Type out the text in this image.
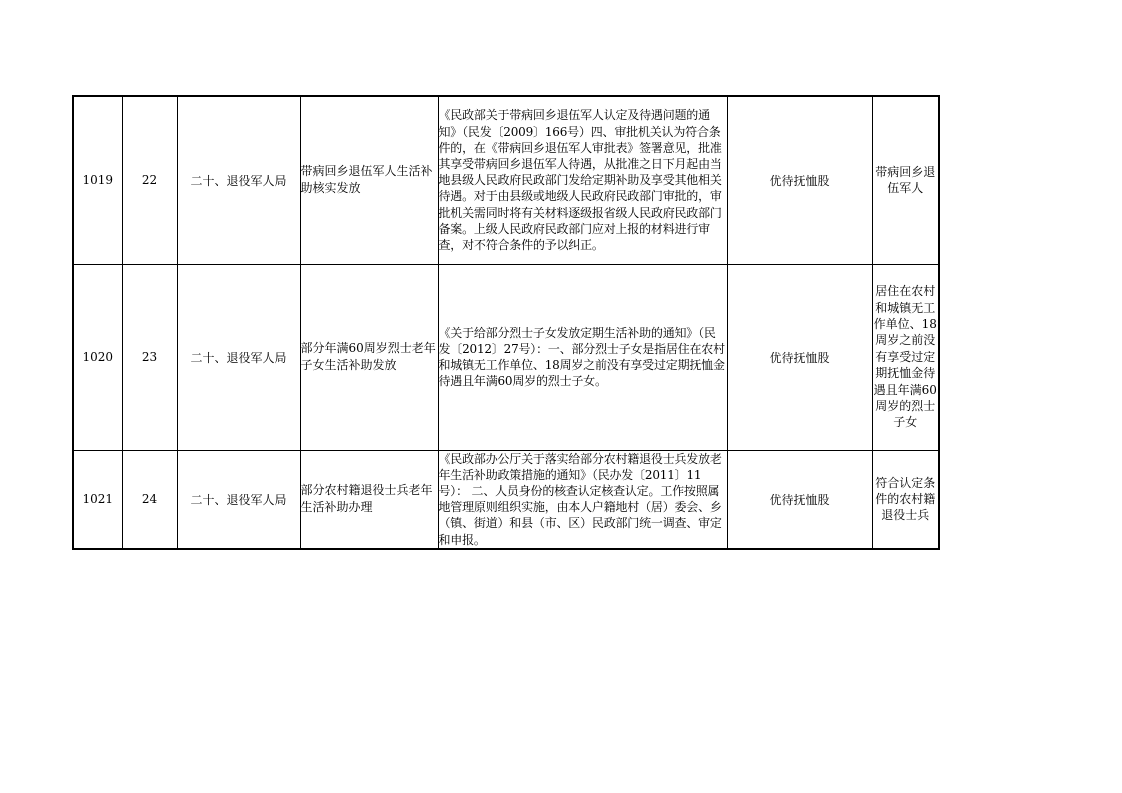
1019	22	二十、退役军人局	带病回乡退伍军人生活补助核实发放	《民政部关于带病回乡退伍军人认定及待遇问题的通知》（民发〔2009〕166号）四、审批机关认为符合条件的，在《带病回乡退伍军人审批表》签署意见，批准其享受带病回乡退伍军人待遇，从批准之日下月起由当地县级人民政府民政部门发给定期补助及享受其他相关待遇。对于由县级或地级人民政府民政部门审批的，审批机关需同时将有关材料逐级报省级人民政府民政部门备案。上级人民政府民政部门应对上报的材料进行审查，对不符合条件的予以纠正。	优待抚恤股	带病回乡退伍军人
1020	23	二十、退役军人局	部分年满60周岁烈士老年子女生活补助发放	《关于给部分烈士子女发放定期生活补助的通知》（民发〔2012〕27号）：一、部分烈士子女是指居住在农村和城镇无工作单位、18周岁之前没有享受过定期抚恤金待遇且年满60周岁的烈士子女。	优待抚恤股	居住在农村和城镇无工作单位、18周岁之前没有享受过定期抚恤金待遇且年满60周岁的烈士子女
1021	24	二十、退役军人局	部分农村籍退役士兵老年生活补助办理	《民政部办公厅关于落实给部分农村籍退役士兵发放老年生活补助政策措施的通知》（民办发〔2011〕11号）： 二、人员身份的核查认定核查认定。工作按照属地管理原则组织实施，由本人户籍地村（居）委会、乡（镇、街道）和县（市、区）民政部门统一调查、审定和申报。	优待抚恤股	符合认定条件的农村籍退役士兵
